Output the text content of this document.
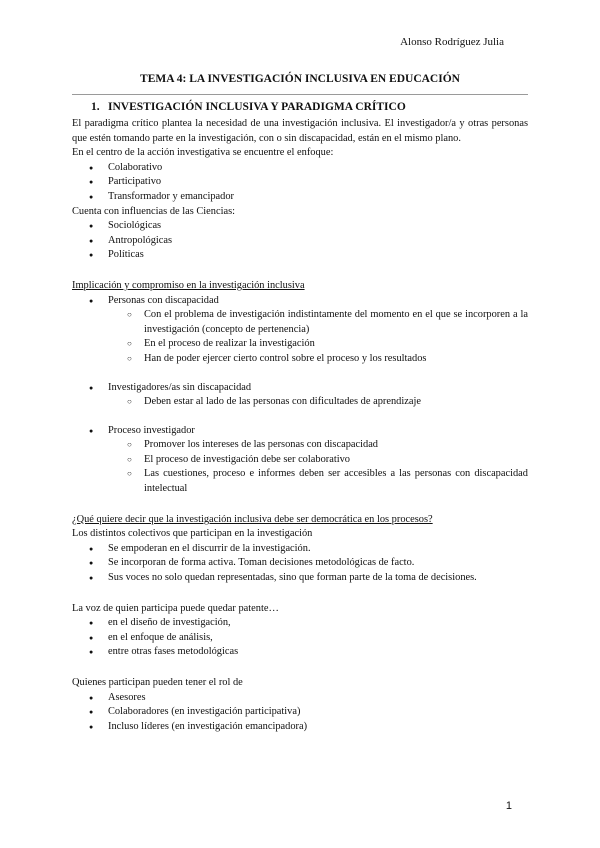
Alonso Rodríguez Julia
TEMA 4: LA INVESTIGACIÓN INCLUSIVA EN EDUCACIÓN
1. INVESTIGACIÓN INCLUSIVA Y PARADIGMA CRÍTICO

El paradigma crítico plantea la necesidad de una investigación inclusiva. El investigador/a y otras personas que estén tomando parte en la investigación, con o sin discapacidad, están en el mismo plano.

En el centro de la acción investigativa se encuentre el enfoque:

● Colaborativo
● Participativo
● Transformador y emancipador

Cuenta con influencias de las Ciencias:

● Sociológicas
● Antropológicas
● Políticas

Implicación y compromiso en la investigación inclusiva

● Personas con discapacidad
○ Con el problema de investigación indistintamente del momento en el que se incorporen a la investigación (concepto de pertenencia)
○ En el proceso de realizar la investigación
○ Han de poder ejercer cierto control sobre el proceso y los resultados
● Investigadores/as sin discapacidad
○ Deben estar al lado de las personas con dificultades de aprendizaje
● Proceso investigador
○ Promover los intereses de las personas con discapacidad
○ El proceso de investigación debe ser colaborativo
○ Las cuestiones, proceso e informes deben ser accesibles a las personas con discapacidad intelectual

¿Qué quiere decir que la investigación inclusiva debe ser democrática en los procesos?

Los distintos colectivos que participan en la investigación

● Se empoderan en el discurrir de la investigación.
● Se incorporan de forma activa. Toman decisiones metodológicas de facto.
● Sus voces no solo quedan representadas, sino que forman parte de la toma de decisiones.

La voz de quien participa puede quedar patente…

● en el diseño de investigación,
● en el enfoque de análisis,
● entre otras fases metodológicas

Quienes participan pueden tener el rol de

● Asesores
● Colaboradores (en investigación participativa)
● Incluso líderes (en investigación emancipadora)
1
